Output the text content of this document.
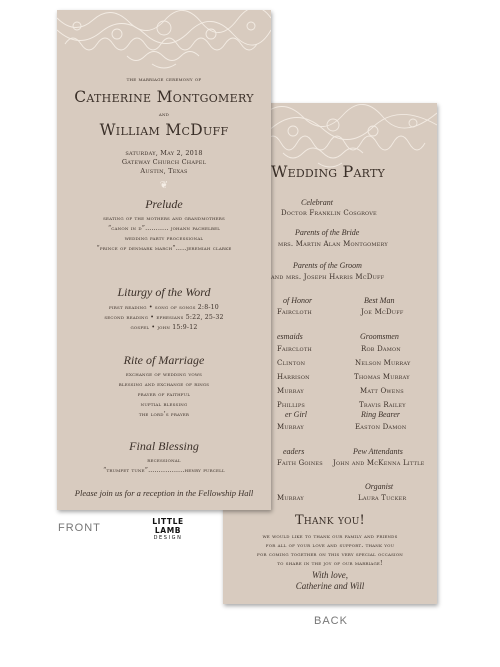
Wedding Party
Celebrant
Doctor Franklin Cosgrove
Parents of the Bride
mrs. Martin Alan Montgomery
Parents of the Groom
and mrs. Joseph Harris McDuff
of Honor
Faircloth
Best Man
Joe McDuff
esmaids	Groomsmen
Faircloth
Clinton
Harrison
Murray
Phillips
Rob Damon
Nelson Murray
Thomas Murray
Matt Owens
Travis Railey
er Girl
Murray
Ring Bearer
Easton Damon
eaders
Faith Goines
Pew Attendants
John and McKenna Little
Murray
Organist
Laura Tucker
Thank you!
we would like to thank our family and friends
for all of your love and support. thank you
for coming together on this very special occasion
to share in the joy of our marriage!
With love,
Catherine and Will
the marriage ceremony of
Catherine Montgomery
and
William McDuff
saturday, May 2, 2018
Gateway Church Chapel
Austin, Texas
❦
Prelude
seating of the mothers and grandmothers
“canon in d”……….. johann pachelbel
wedding party processional
“prince of denmark march”…..jeremiah clarke
Liturgy of the Word
first reading • song of songs 2:8-10
second reading • ephesians 5:22, 25-32
gospel • john 15:9-12
Rite of Marriage
exchange of wedding vows
blessing and exchange of rings
prayer of faithful
nuptial blessing
the lord’s prayer
Final Blessing
recessional
“trumpet tune”……......…..henry purcell
Please join us for a reception in the Fellowship Hall
FRONT
BACK
LITTLE LAMB
DESIGN
